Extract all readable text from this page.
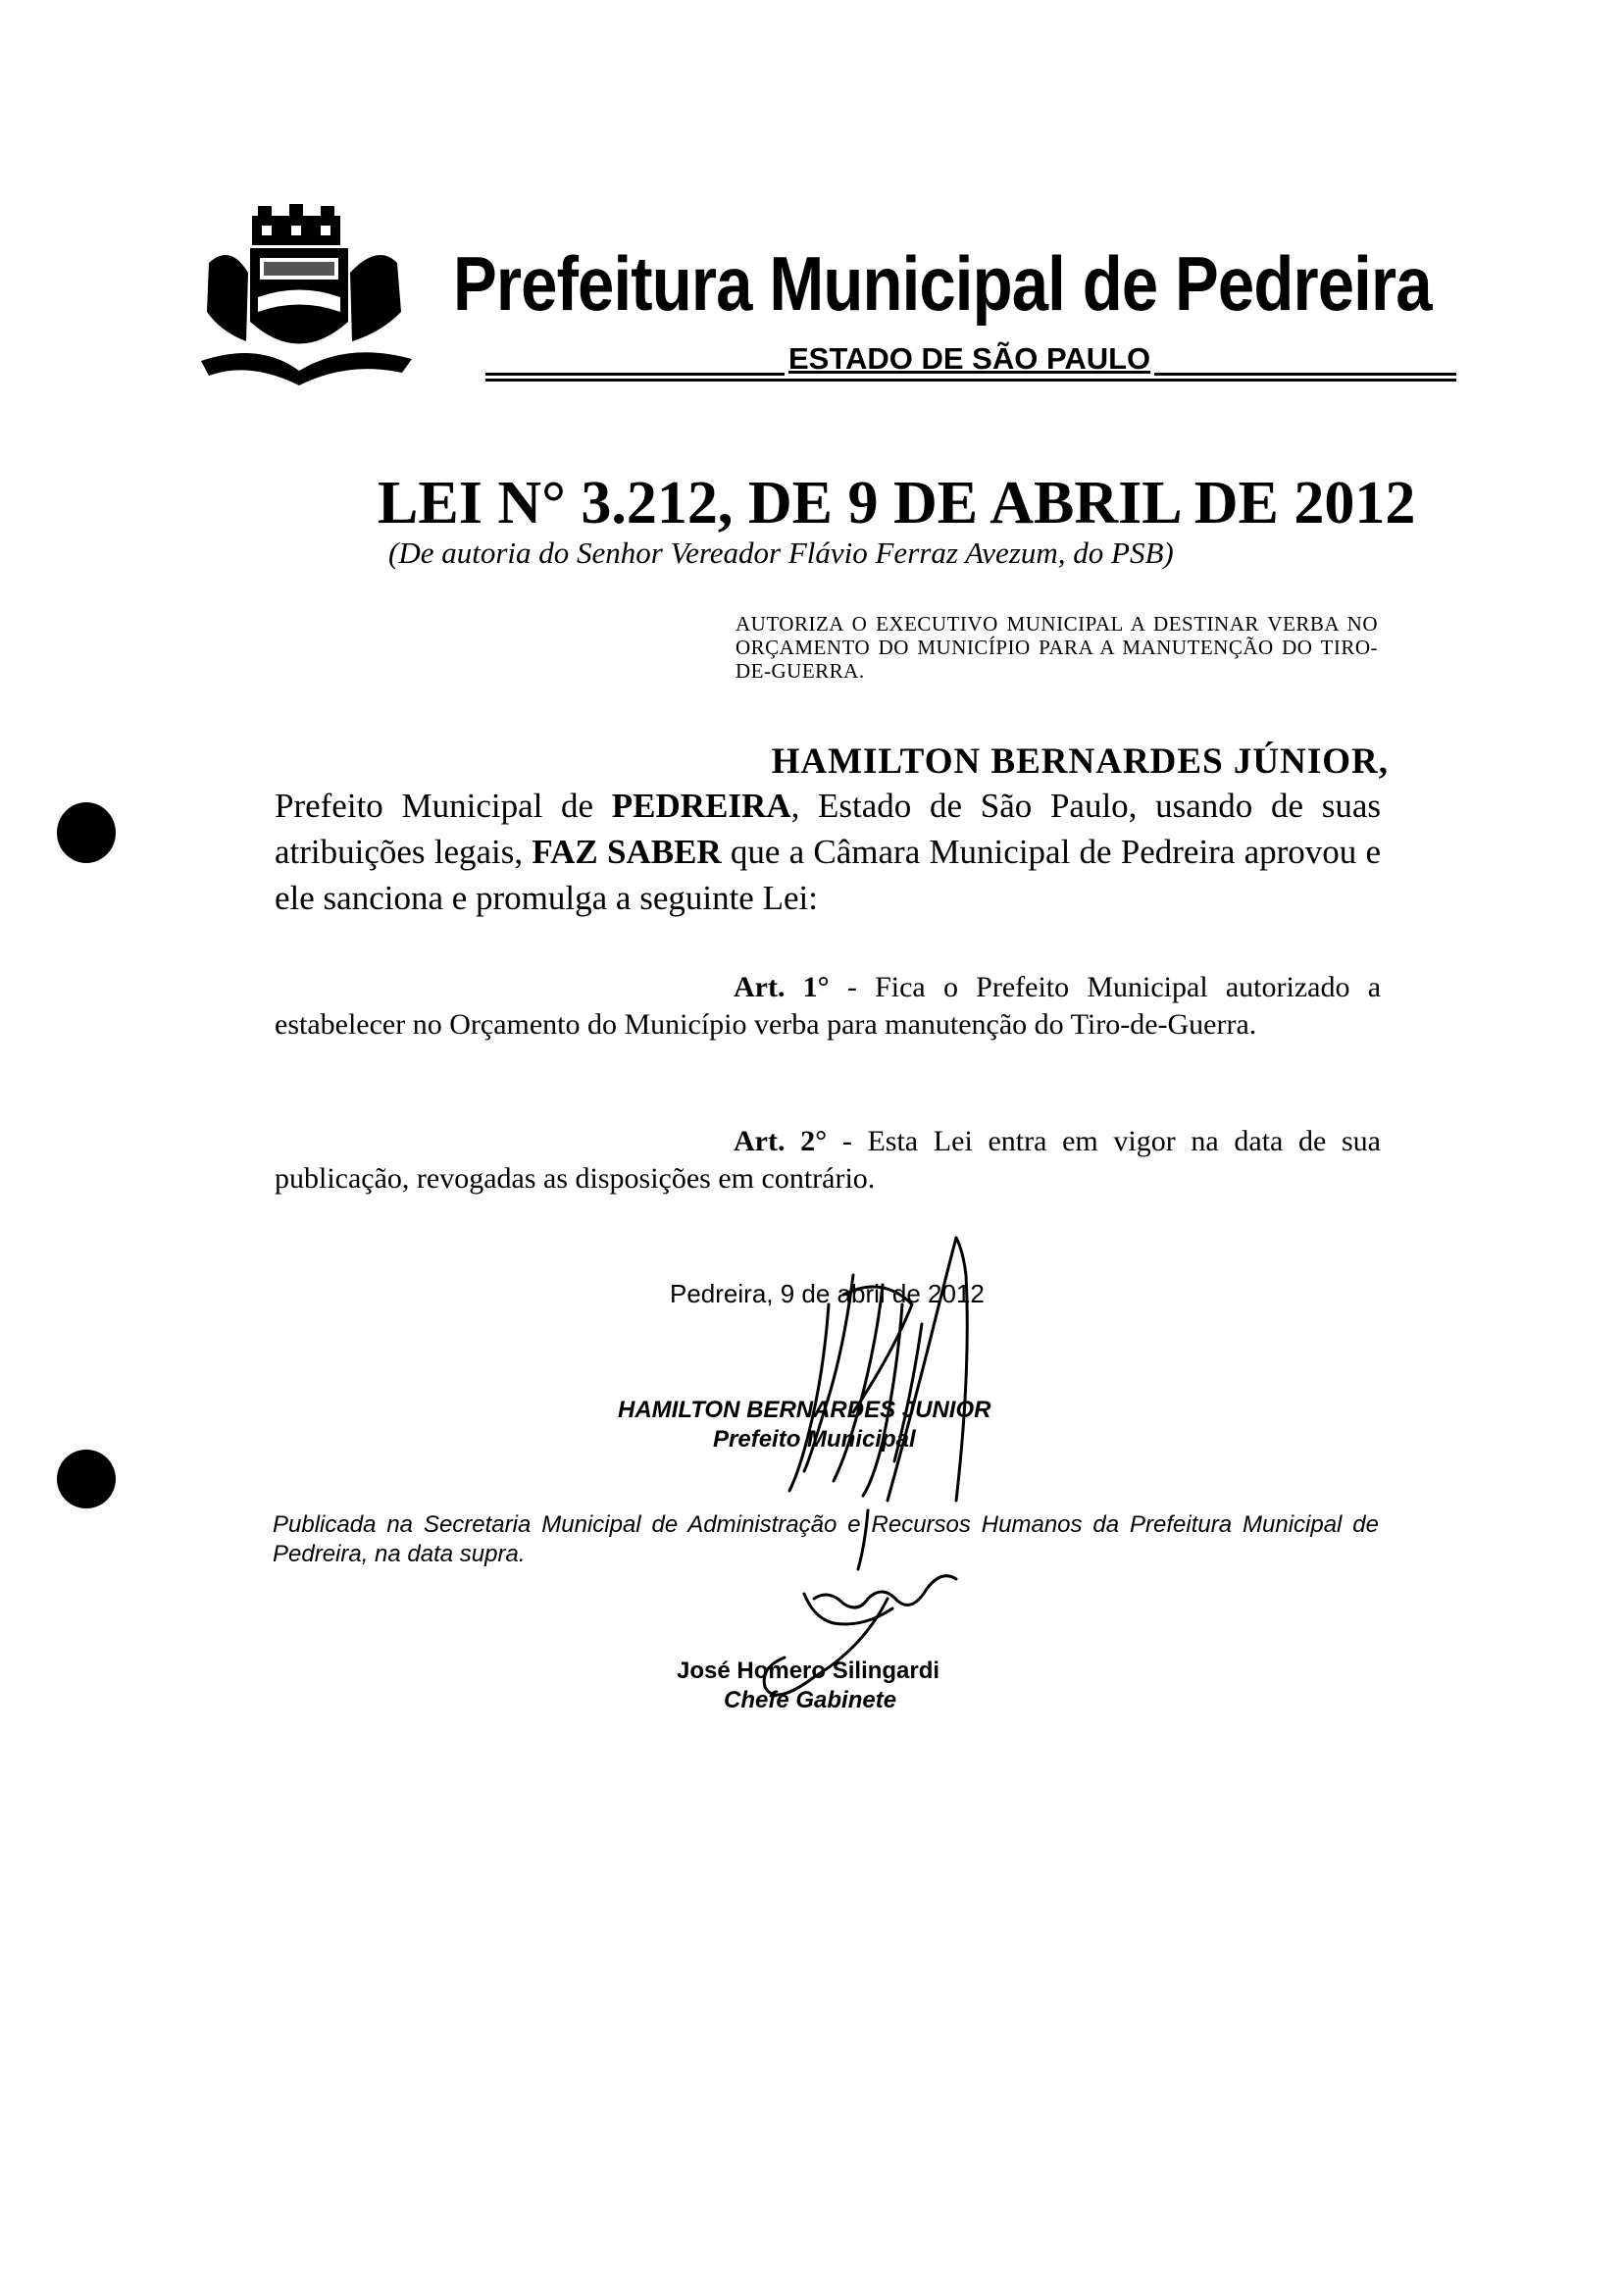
Prefeitura Municipal de Pedreira
ESTADO DE SÃO PAULO
LEI N° 3.212, DE 9 DE ABRIL DE 2012
(De autoria do Senhor Vereador Flávio Ferraz Avezum, do PSB)
AUTORIZA O EXECUTIVO MUNICIPAL A DESTINAR VERBA NO ORÇAMENTO DO MUNICÍPIO PARA A MANUTENÇÃO DO TIRO-DE-GUERRA.
HAMILTON BERNARDES JÚNIOR,
Prefeito Municipal de PEDREIRA, Estado de São Paulo, usando de suas atribuições legais, FAZ SABER que a Câmara Municipal de Pedreira aprovou e ele sanciona e promulga a seguinte Lei:
Art. 1° - Fica o Prefeito Municipal autorizado a estabelecer no Orçamento do Município verba para manutenção do Tiro-de-Guerra.
Art. 2° - Esta Lei entra em vigor na data de sua publicação, revogadas as disposições em contrário.
Pedreira, 9 de abril de 2012
HAMILTON BERNARDES JUNIOR
Prefeito Municipal
Publicada na Secretaria Municipal de Administração e Recursos Humanos da Prefeitura Municipal de Pedreira, na data supra.
José Homero Silingardi
Chefe Gabinete
